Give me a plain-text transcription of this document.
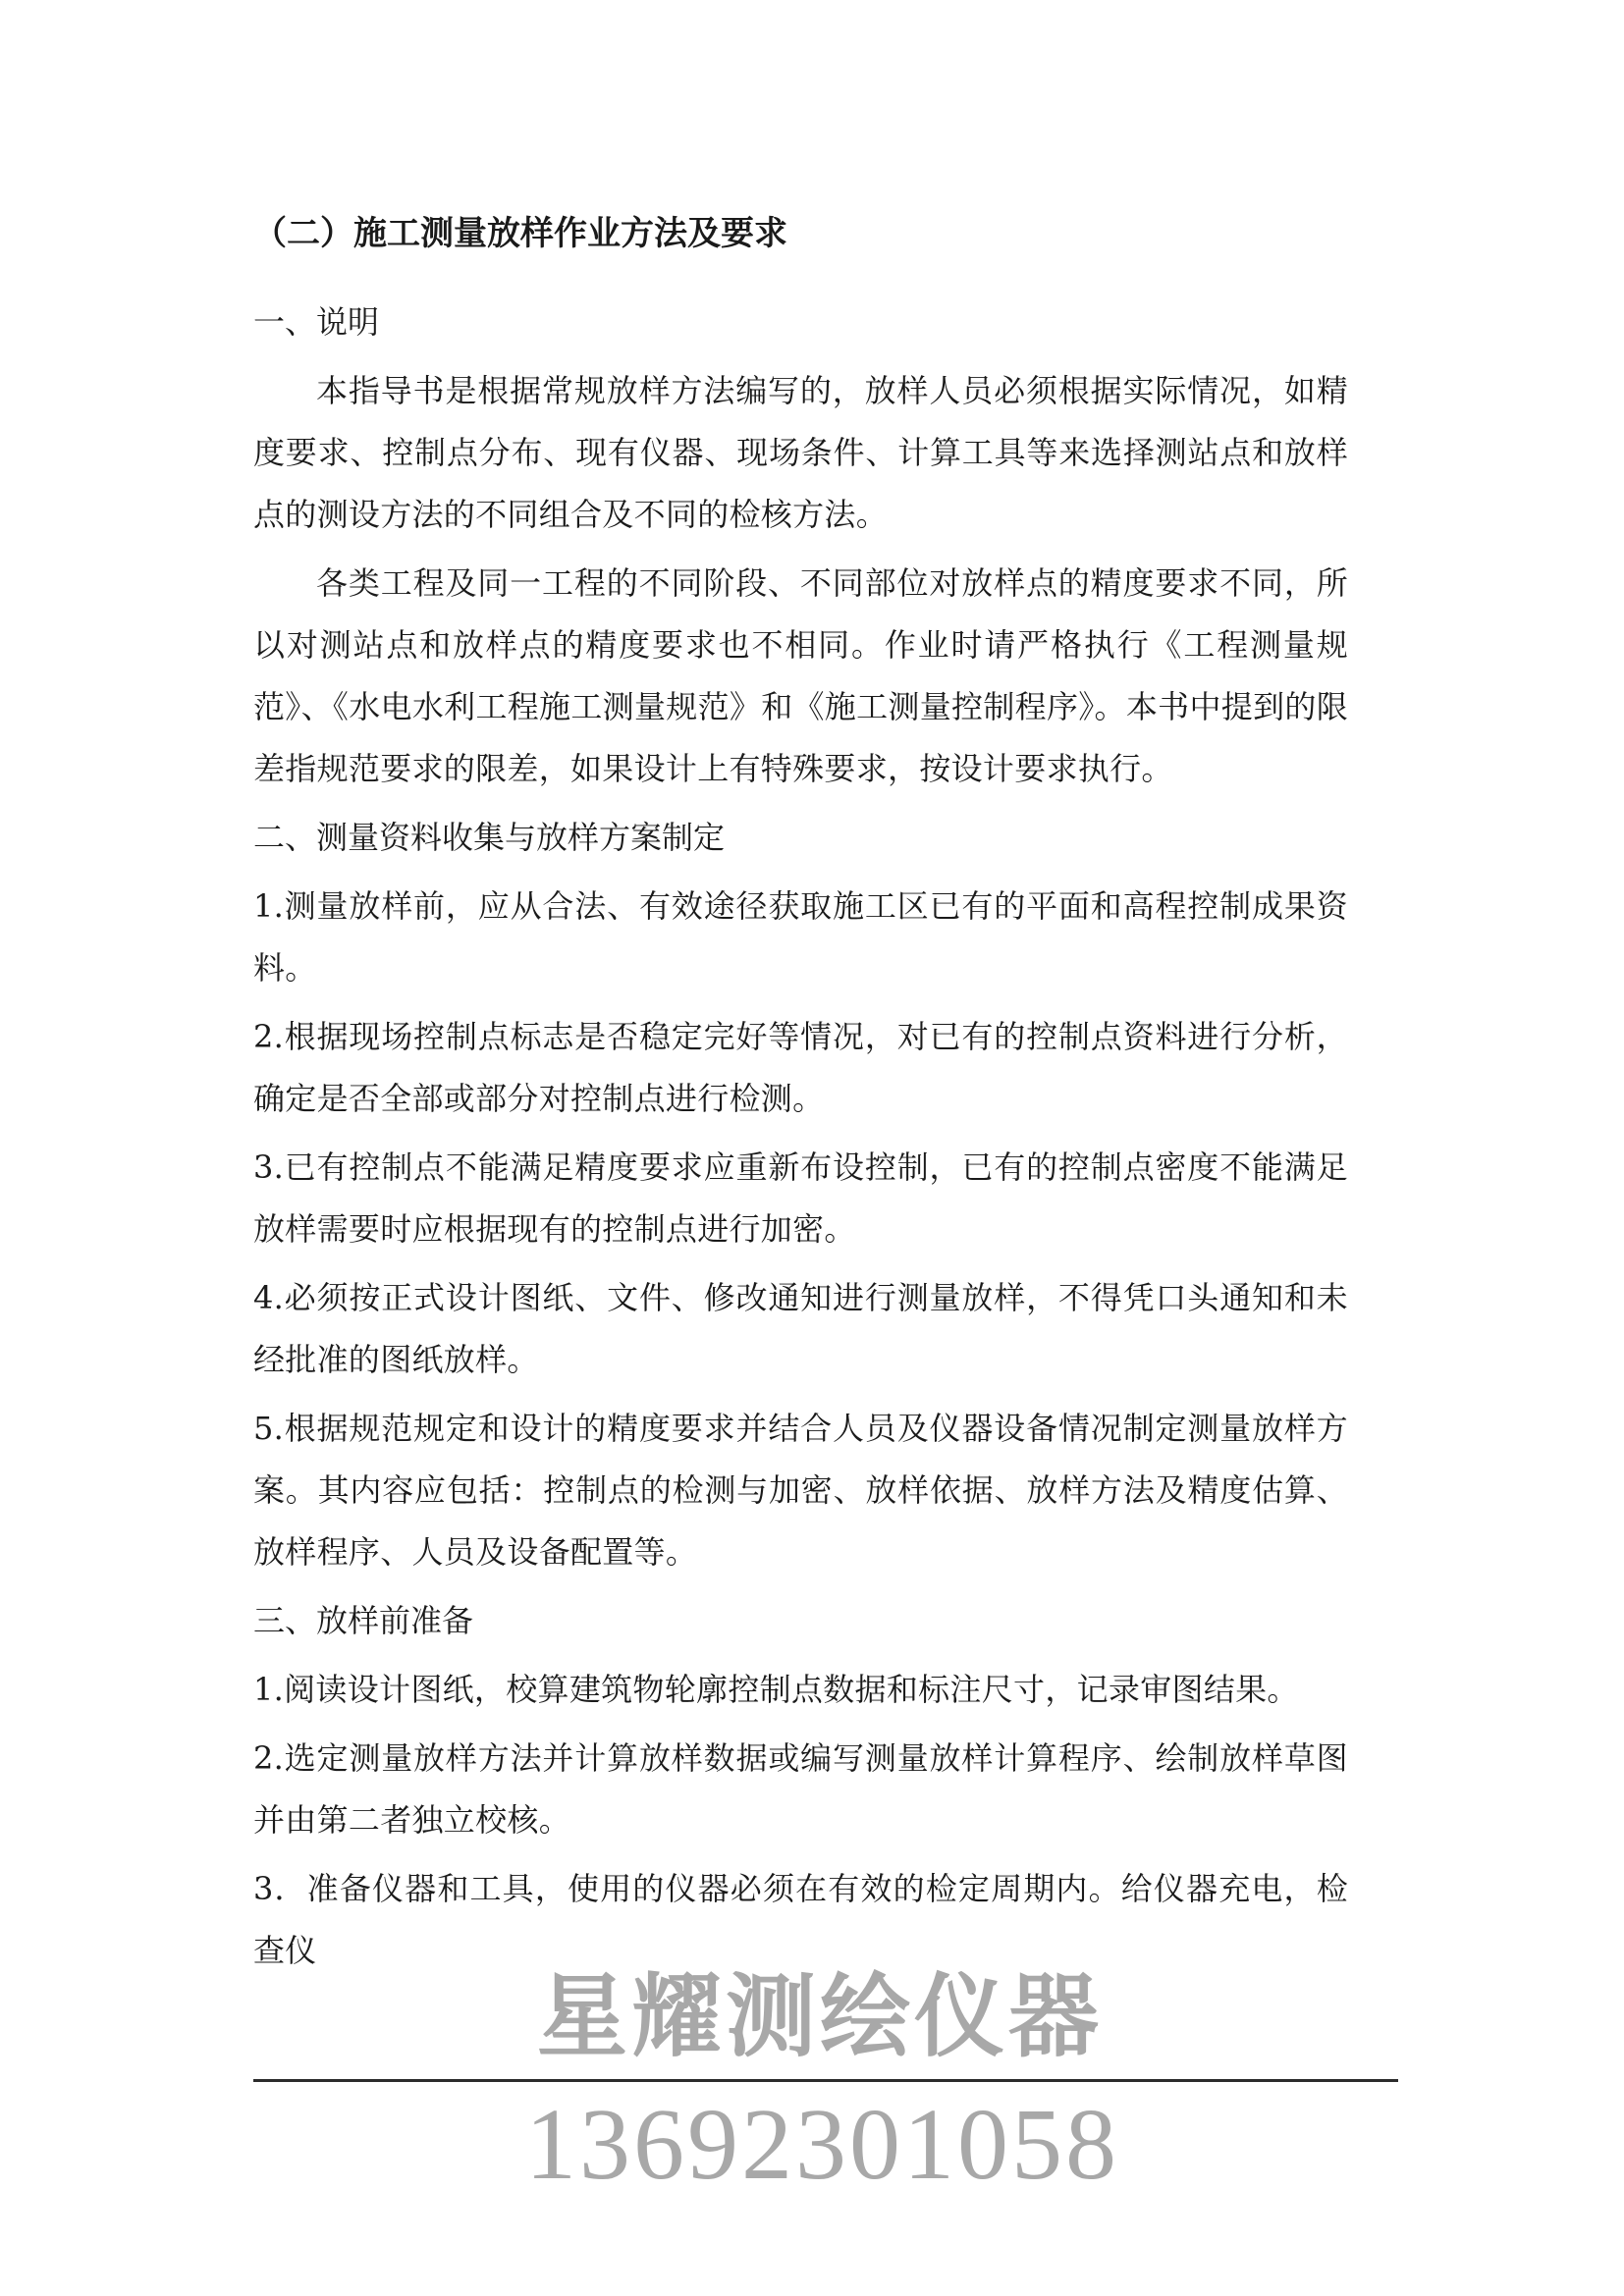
（二）施工测量放样作业方法及要求
一、说明
本指导书是根据常规放样方法编写的，放样人员必须根据实际情况，如精度要求、控制点分布、现有仪器、现场条件、计算工具等来选择测站点和放样点的测设方法的不同组合及不同的检核方法。
各类工程及同一工程的不同阶段、不同部位对放样点的精度要求不同，所以对测站点和放样点的精度要求也不相同。作业时请严格执行《工程测量规范》、《水电水利工程施工测量规范》和《施工测量控制程序》。本书中提到的限差指规范要求的限差，如果设计上有特殊要求，按设计要求执行。
二、测量资料收集与放样方案制定
1.测量放样前，应从合法、有效途径获取施工区已有的平面和高程控制成果资料。
2.根据现场控制点标志是否稳定完好等情况，对已有的控制点资料进行分析，确定是否全部或部分对控制点进行检测。
3.已有控制点不能满足精度要求应重新布设控制，已有的控制点密度不能满足放样需要时应根据现有的控制点进行加密。
4.必须按正式设计图纸、文件、修改通知进行测量放样，不得凭口头通知和未经批准的图纸放样。
5.根据规范规定和设计的精度要求并结合人员及仪器设备情况制定测量放样方案。其内容应包括：控制点的检测与加密、放样依据、放样方法及精度估算、放样程序、人员及设备配置等。
三、放样前准备
1.阅读设计图纸，校算建筑物轮廓控制点数据和标注尺寸，记录审图结果。
2.选定测量放样方法并计算放样数据或编写测量放样计算程序、绘制放样草图并由第二者独立校核。
3．准备仪器和工具，使用的仪器必须在有效的检定周期内。给仪器充电，检查仪
星耀测绘仪器
13692301058
